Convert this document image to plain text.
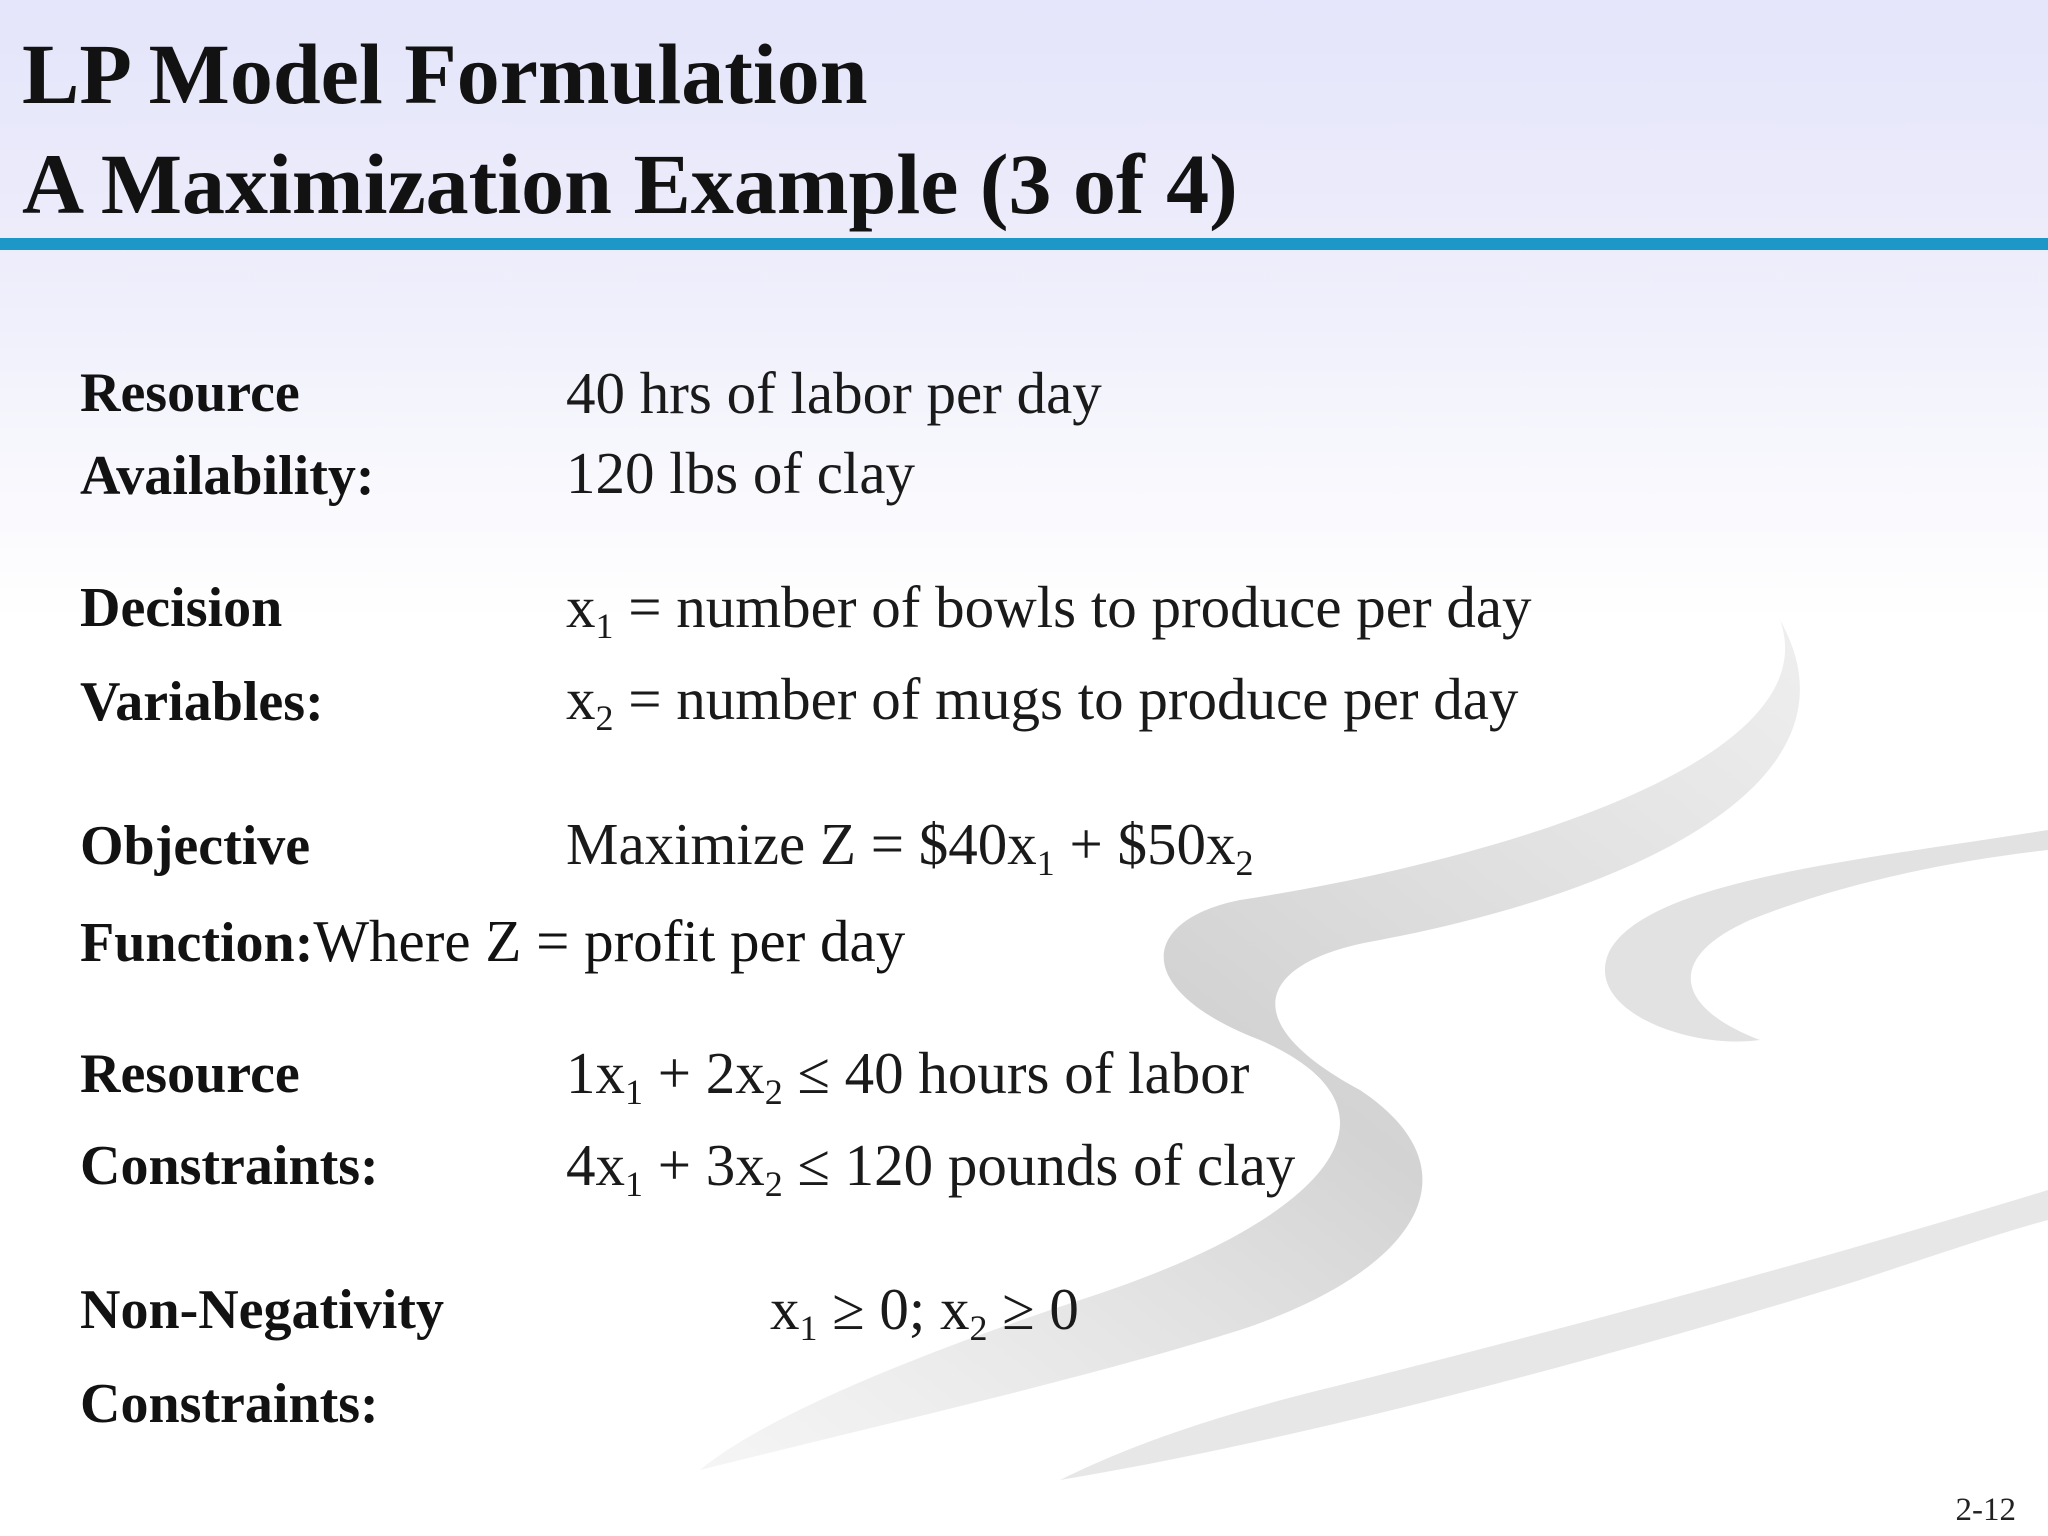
LP Model Formulation
A Maximization Example (3 of 4)
Resource
Availability:
40 hrs of labor per day
120 lbs of clay
Decision
Variables:
$x_1$ = number of bowls to produce per day
$x_2$ = number of mugs to produce per day
Objective	Maximize $Z = \$40x_1$ + $\$50x_2$
Function:Where Z = profit per day
Resource
Constraints:
$1x_1 + 2x_2 \le 40$ hours of labor
$4x_1 + 3x_2 \le 120$ pounds of clay
Non-Negativity
Constraints:
$x_1 \ge 0$; $x_2 \ge 0$
2-12
